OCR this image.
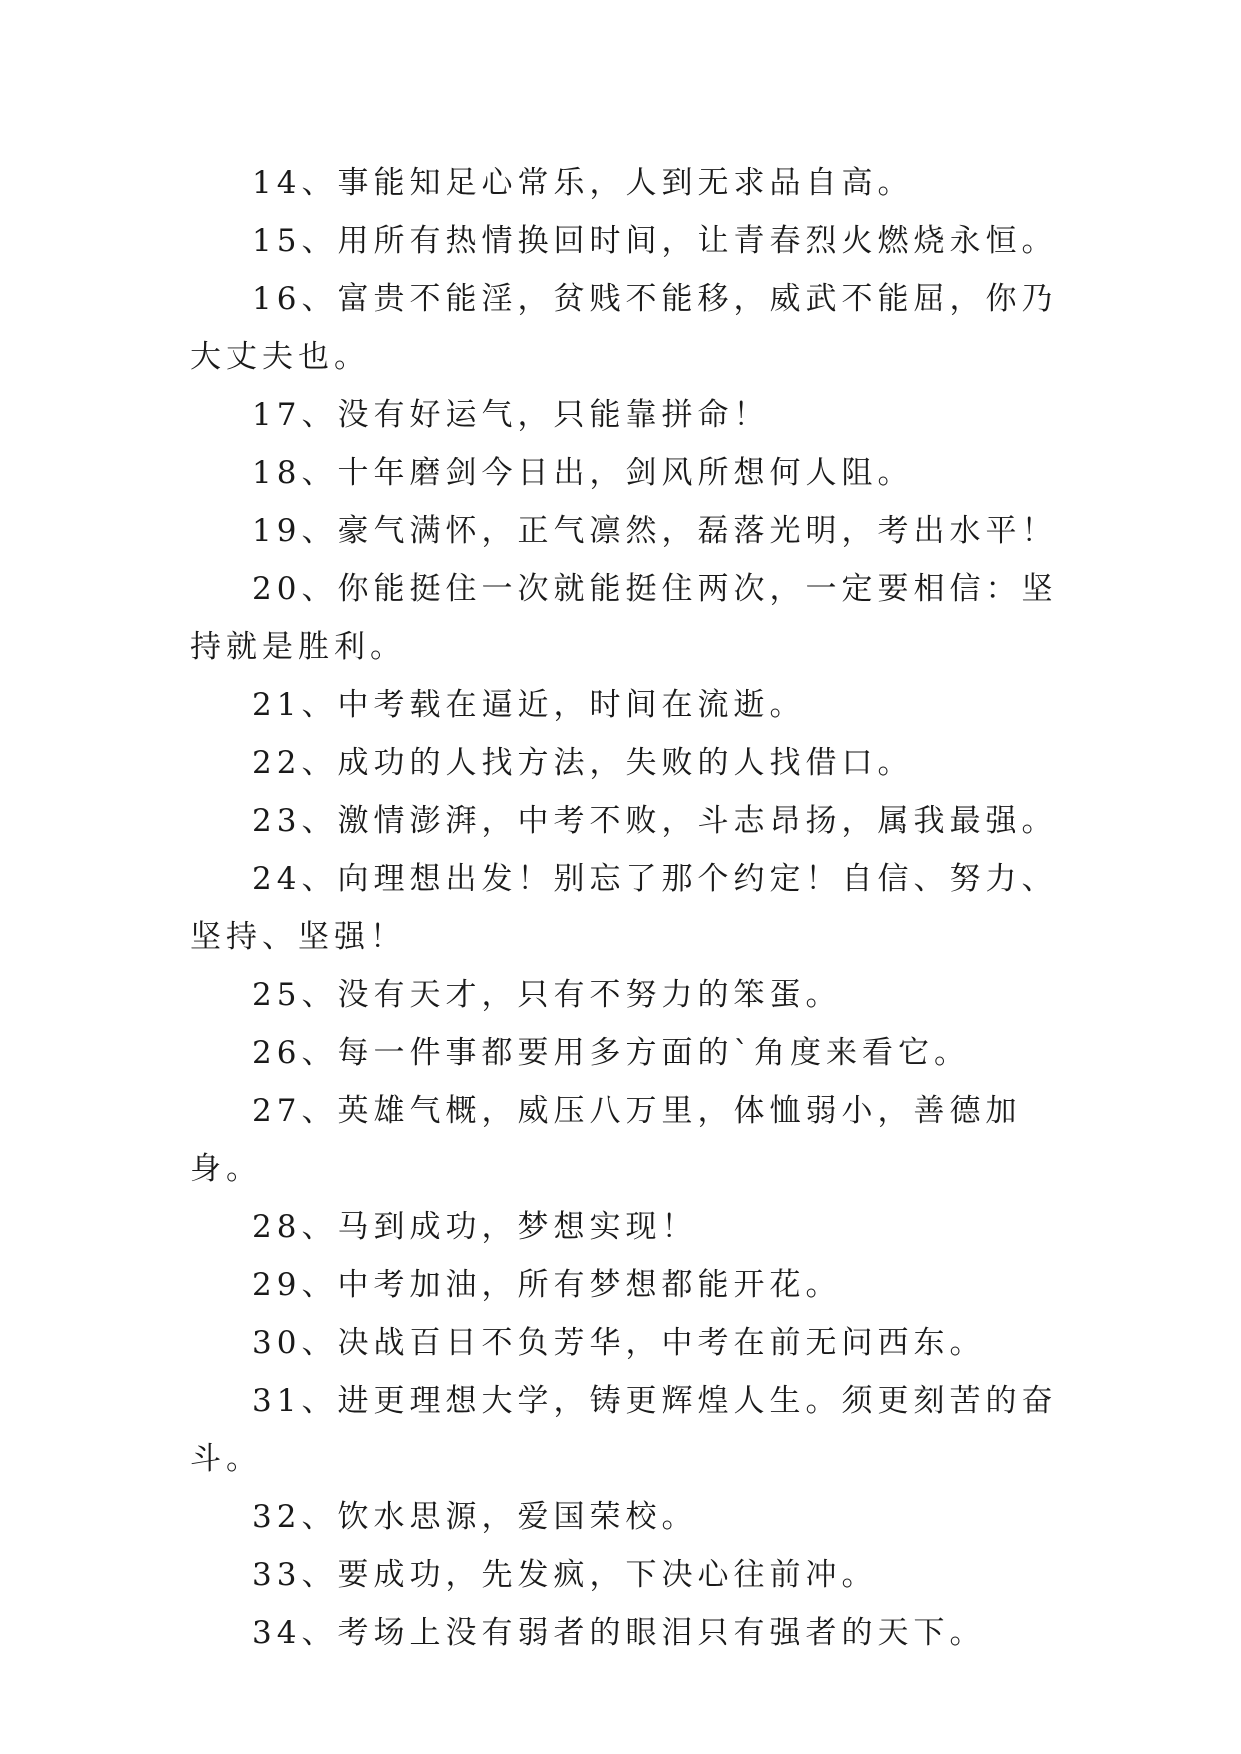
14、事能知足心常乐，人到无求品自高。

15、用所有热情换回时间，让青春烈火燃烧永恒。

16、富贵不能淫，贫贱不能移，威武不能屈，你乃大丈夫也。

17、没有好运气，只能靠拼命！

18、十年磨剑今日出，剑风所想何人阻。

19、豪气满怀，正气凛然，磊落光明，考出水平！

20、你能挺住一次就能挺住两次，一定要相信：坚持就是胜利。

21、中考载在逼近，时间在流逝。

22、成功的人找方法，失败的人找借口。

23、激情澎湃，中考不败，斗志昂扬，属我最强。

24、向理想出发！别忘了那个约定！自信、努力、坚持、坚强！

25、没有天才，只有不努力的笨蛋。

26、每一件事都要用多方面的`角度来看它。

27、英雄气概，威压八万里，体恤弱小，善德加身。

28、马到成功，梦想实现！

29、中考加油，所有梦想都能开花。

30、决战百日不负芳华，中考在前无问西东。

31、进更理想大学，铸更辉煌人生。须更刻苦的奋斗。

32、饮水思源，爱国荣校。

33、要成功，先发疯，下决心往前冲。

34、考场上没有弱者的眼泪只有强者的天下。
